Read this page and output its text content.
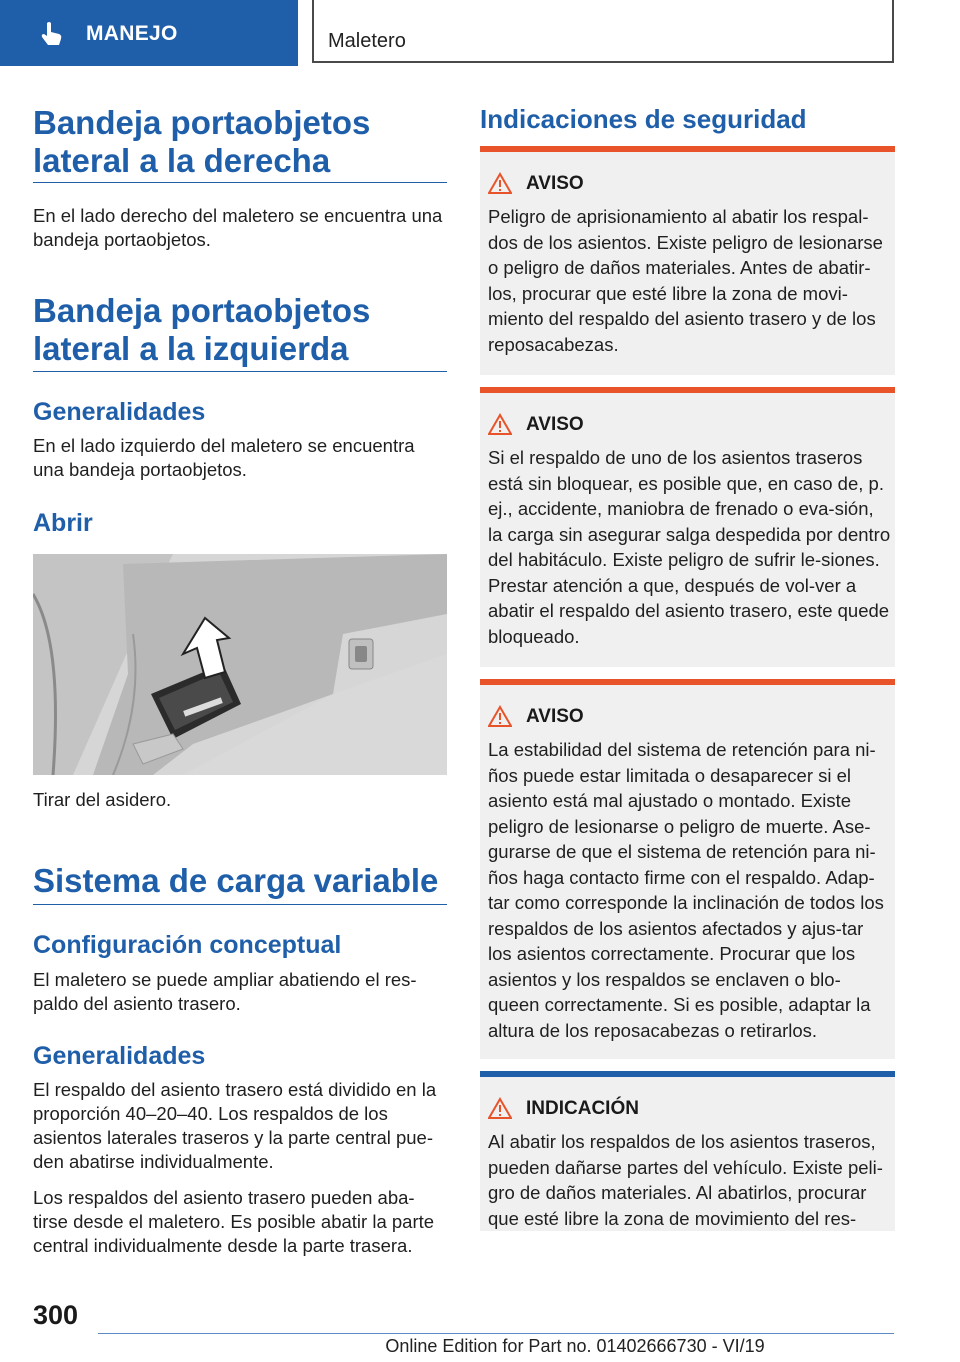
MANEJO	Maletero
Bandeja portaobjetos lateral a la derecha
En el lado derecho del maletero se encuentra una bandeja portaobjetos.
Bandeja portaobjetos lateral a la izquierda
Generalidades
En el lado izquierdo del maletero se encuentra una bandeja portaobjetos.
Abrir
Tirar del asidero.
Sistema de carga variable
Configuración conceptual
El maletero se puede ampliar abatiendo el res-paldo del asiento trasero.
Generalidades
El respaldo del asiento trasero está dividido en la proporción 40–20–40. Los respaldos de los asientos laterales traseros y la parte central pue-den abatirse individualmente.
Los respaldos del asiento trasero pueden aba-tirse desde el maletero. Es posible abatir la parte central individualmente desde la parte trasera.
Indicaciones de seguridad
AVISO
Peligro de aprisionamiento al abatir los respal-dos de los asientos. Existe peligro de lesionarse o peligro de daños materiales. Antes de abatir-los, procurar que esté libre la zona de movi-miento del respaldo del asiento trasero y de los reposacabezas.
AVISO
Si el respaldo de uno de los asientos traseros está sin bloquear, es posible que, en caso de, p. ej., accidente, maniobra de frenado o eva-sión, la carga sin asegurar salga despedida por dentro del habitáculo. Existe peligro de sufrir le-siones. Prestar atención a que, después de vol-ver a abatir el respaldo del asiento trasero, este quede bloqueado.
AVISO
La estabilidad del sistema de retención para ni-ños puede estar limitada o desaparecer si el asiento está mal ajustado o montado. Existe peligro de lesionarse o peligro de muerte. Ase-gurarse de que el sistema de retención para ni-ños haga contacto firme con el respaldo. Adap-tar como corresponde la inclinación de todos los respaldos de los asientos afectados y ajus-tar los asientos correctamente. Procurar que los asientos y los respaldos se enclaven o blo-queen correctamente. Si es posible, adaptar la altura de los reposacabezas o retirarlos.
INDICACIÓN
Al abatir los respaldos de los asientos traseros, pueden dañarse partes del vehículo. Existe peli-gro de daños materiales. Al abatirlos, procurar que esté libre la zona de movimiento del res-
300
Online Edition for Part no. 01402666730 - VI/19
